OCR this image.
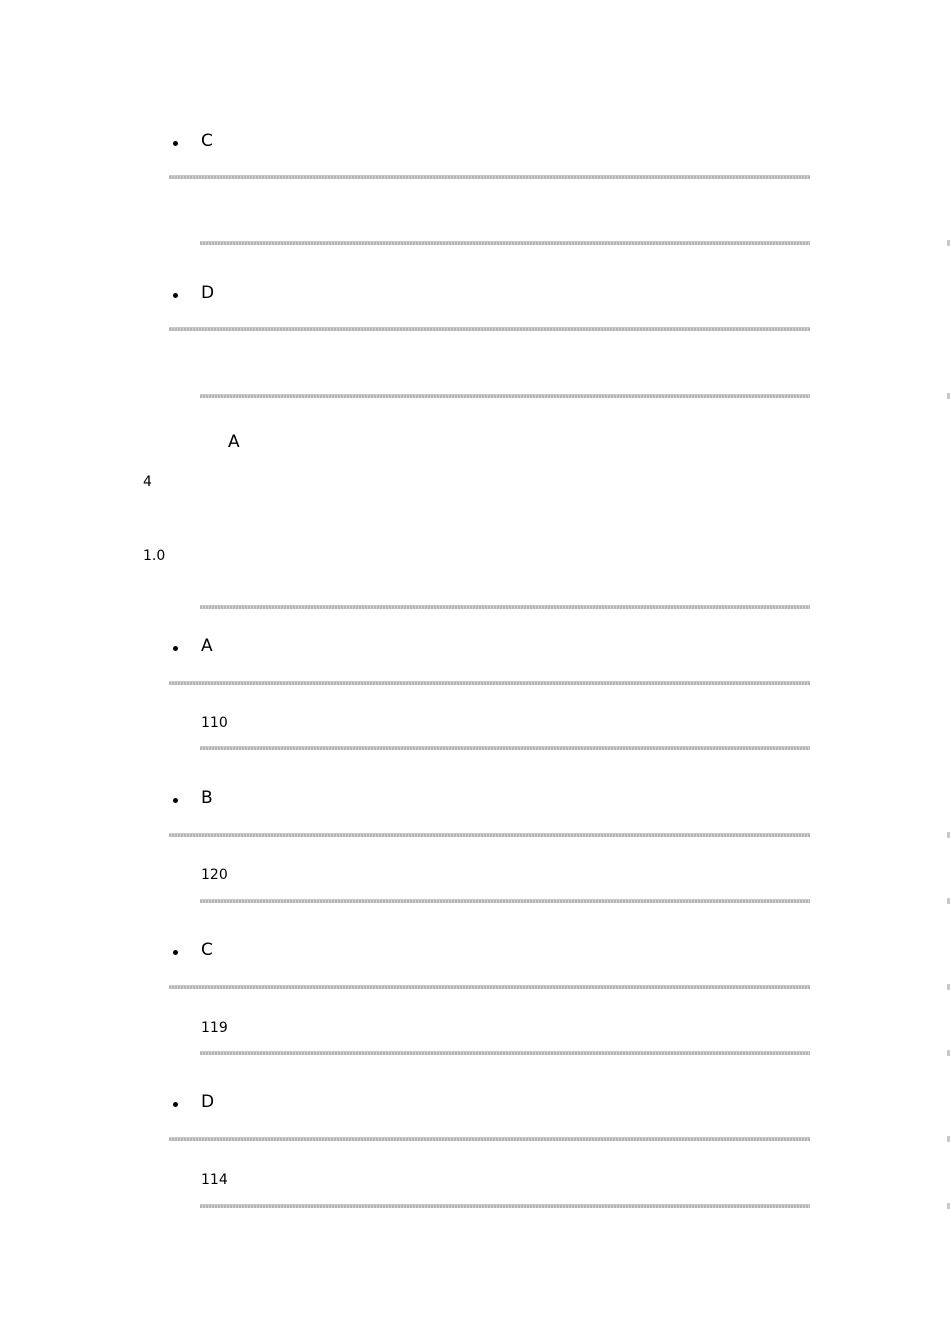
C
D
A
4
1.0
A
110
B
120
C
119
D
114
